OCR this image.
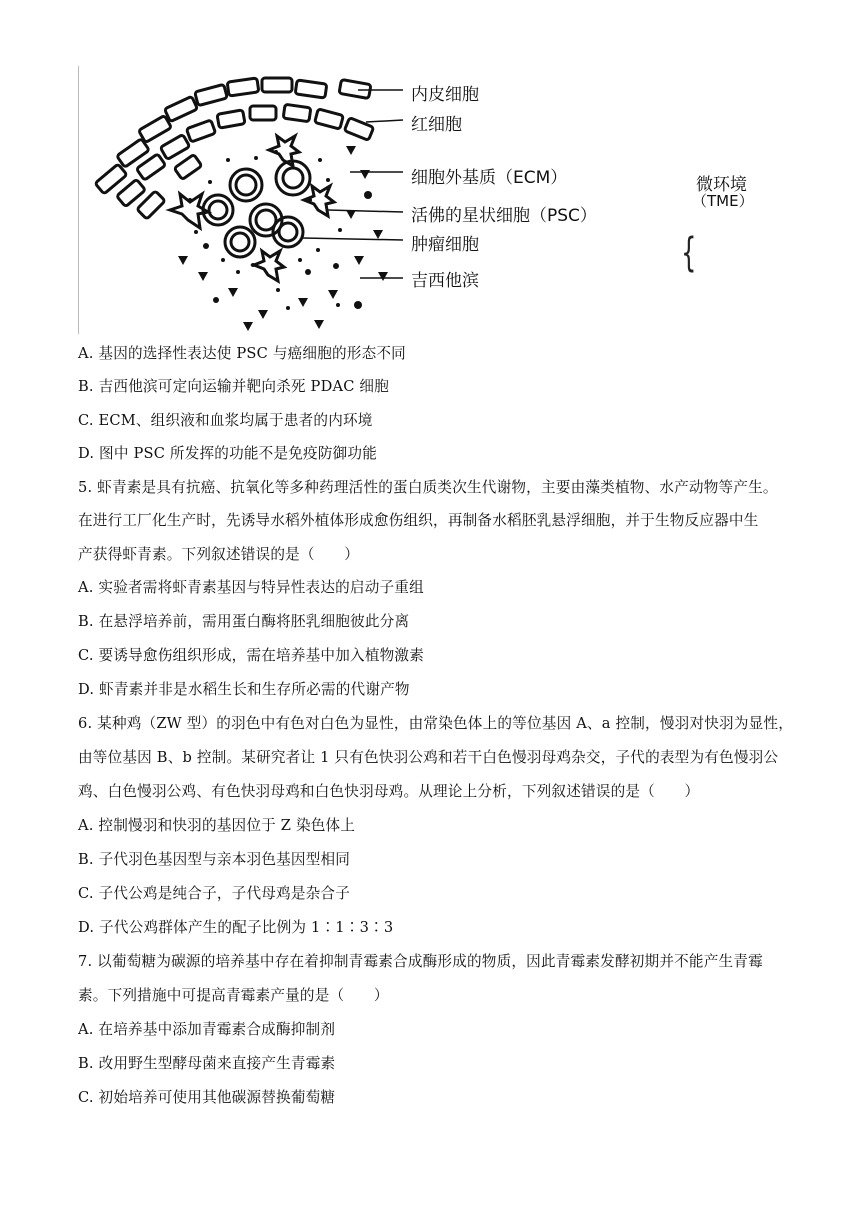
内皮细胞
红细胞
细胞外基质（ECM）
活佛的星状细胞（PSC）
肿瘤细胞
吉西他滨
{
微环境
（TME）
A. 基因的选择性表达使 PSC 与癌细胞的形态不同
B. 吉西他滨可定向运输并靶向杀死 PDAC 细胞
C. ECM、组织液和血浆均属于患者的内环境
D. 图中 PSC 所发挥的功能不是免疫防御功能
5. 虾青素是具有抗癌、抗氧化等多种药理活性的蛋白质类次生代谢物，主要由藻类植物、水产动物等产生。
在进行工厂化生产时，先诱导水稻外植体形成愈伤组织，再制备水稻胚乳悬浮细胞，并于生物反应器中生
产获得虾青素。下列叙述错误的是（　　）
A. 实验者需将虾青素基因与特异性表达的启动子重组
B. 在悬浮培养前，需用蛋白酶将胚乳细胞彼此分离
C. 要诱导愈伤组织形成，需在培养基中加入植物激素
D. 虾青素并非是水稻生长和生存所必需的代谢产物
6. 某种鸡（ZW 型）的羽色中有色对白色为显性，由常染色体上的等位基因 A、a 控制，慢羽对快羽为显性，
由等位基因 B、b 控制。某研究者让 1 只有色快羽公鸡和若干白色慢羽母鸡杂交，子代的表型为有色慢羽公
鸡、白色慢羽公鸡、有色快羽母鸡和白色快羽母鸡。从理论上分析，下列叙述错误的是（　　）
A. 控制慢羽和快羽的基因位于 Z 染色体上
B. 子代羽色基因型与亲本羽色基因型相同
C. 子代公鸡是纯合子，子代母鸡是杂合子
D. 子代公鸡群体产生的配子比例为 1∶1∶3∶3
7. 以葡萄糖为碳源的培养基中存在着抑制青霉素合成酶形成的物质，因此青霉素发酵初期并不能产生青霉
素。下列措施中可提高青霉素产量的是（　　）
A. 在培养基中添加青霉素合成酶抑制剂
B. 改用野生型酵母菌来直接产生青霉素
C. 初始培养可使用其他碳源替换葡萄糖
